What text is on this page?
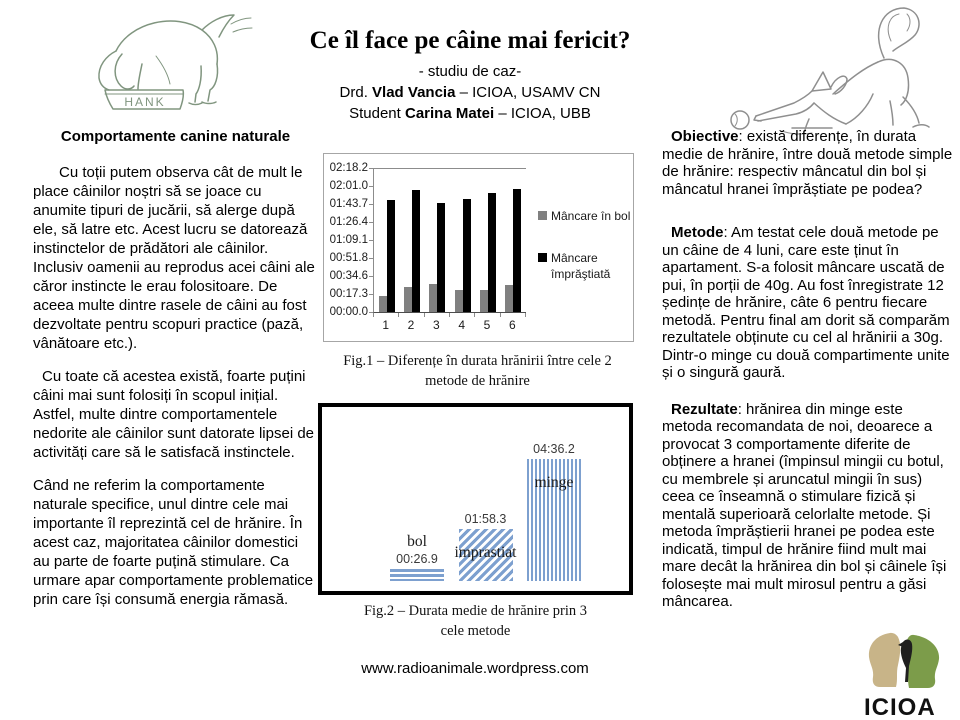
HANK
Ce îl face pe câine mai fericit?
- studiu de caz-
Drd. Vlad Vancia – ICIOA, USAMV CN
Student Carina Matei – ICIOA, UBB
Comportamente canine naturale

Cu toții putem observa cât de mult le place câinilor noștri să se joace cu anumite tipuri de jucării, să alerge după ele, să latre etc. Acest lucru se datorează instinctelor de prădători ale câinilor. Inclusiv oamenii au reprodus acei câini ale căror instincte le erau folositoare. De aceea multe dintre rasele de câini au fost dezvoltate pentru scopuri practice (pază, vânătoare etc.).

Cu toate că acestea există, foarte puțini câini mai sunt folosiți în scopul inițial. Astfel, multe dintre comportamentele nedorite ale câinilor sunt datorate lipsei de activități care să le satisfacă instinctele.

Când ne referim la comportamente naturale specifice, unul dintre cele mai importante îl reprezintă cel de hrănire. În acest caz, majoritatea câinilor domestici au parte de foarte puțină stimulare. Ca urmare apar comportamente problematice prin care își consumă energia rămasă.

Obiective: există diferențe, în durata medie de hrănire, între două metode simple de hrănire: respectiv mâncatul din bol și mâncatul hranei împrăștiate pe podea?

Metode: Am testat cele două metode pe un câine de 4 luni, care este ținut în apartament. S-a folosit mâncare uscată de pui, în porții de 40g. Au fost înregistrate 12 ședințe de hrănire, câte 6 pentru fiecare metodă. Pentru final am dorit să comparăm rezultatele obținute cu cel al hrănirii a 30g. Dintr-o minge cu două compartimente unite și o singură gaură.

Rezultate: hrănirea din minge este metoda recomandata de noi, deoarece a provocat 3 comportamente diferite de obținere a hranei (împinsul mingii cu botul, cu membrele și aruncatul mingii în sus) ceea ce înseamnă o stimulare fizică și mentală superioară celorlalte metode. Și metoda împrăștierii hranei pe podea este indicată, timpul de hrănire fiind mult mai mare decât la hrănirea din bol și câinele își folosește mai mult mirosul pentru a găsi mâncarea.

02:18.2
02:01.0
01:43.7
01:26.4
01:09.1
00:51.8
00:34.6
00:17.3
00:00.0
Mâncare în bol
Mâncare împrăştiată
1 2 3 4 5 6
Fig.1 – Diferențe în durata hrănirii între cele 2
metode de hrănire
00:26.9
bol
01:58.3
imprastiat
04:36.2
minge
Fig.2 – Durata medie de hrănire prin 3
cele metode
www.radioanimale.wordpress.com
ICIOA
